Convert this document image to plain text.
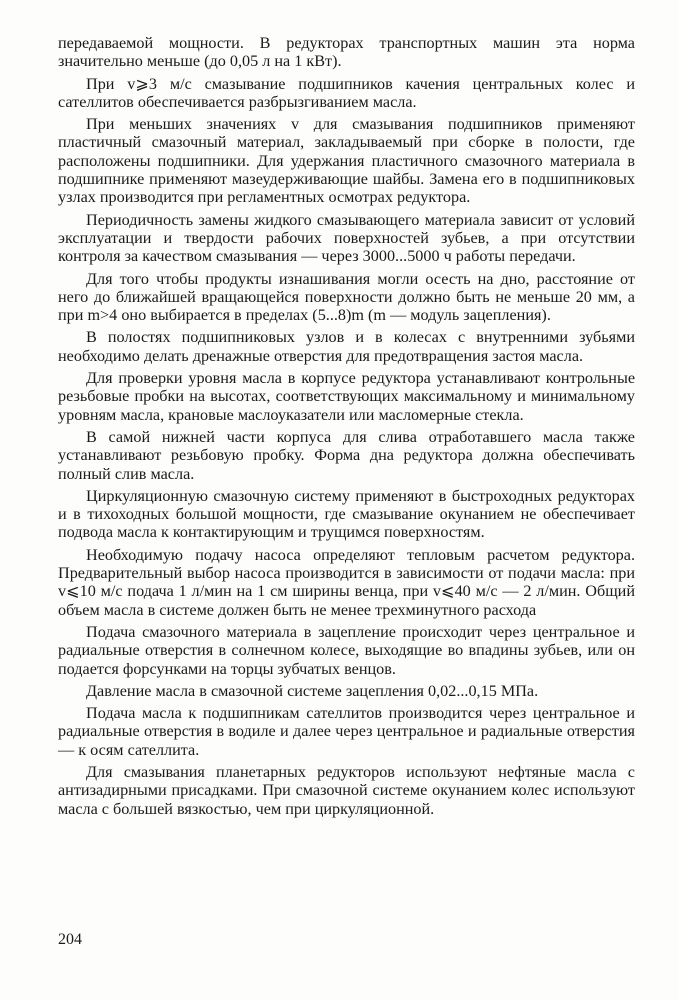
передаваемой мощности. В редукторах транспортных машин эта норма значительно меньше (до 0,05 л на 1 кВт).

При v⩾3 м/с смазывание подшипников качения центральных колес и сателлитов обеспечивается разбрызгиванием масла.

При меньших значениях v для смазывания подшипников применяют пластичный смазочный материал, закладываемый при сборке в полости, где расположены подшипники. Для удержания пластичного смазочного материала в подшипнике применяют мазеудерживающие шайбы. Замена его в подшипниковых узлах производится при регламентных осмотрах редуктора.

Периодичность замены жидкого смазывающего материала зависит от условий эксплуатации и твердости рабочих поверхностей зубьев, а при отсутствии контроля за качеством смазывания — через 3000...5000 ч работы передачи.

Для того чтобы продукты изнашивания могли осесть на дно, расстояние от него до ближайшей вращающейся поверхности должно быть не меньше 20 мм, а при m>4 оно выбирается в пределах (5...8)m (m — модуль зацепления).

В полостях подшипниковых узлов и в колесах с внутренними зубьями необходимо делать дренажные отверстия для предотвращения застоя масла.

Для проверки уровня масла в корпусе редуктора устанавливают контрольные резьбовые пробки на высотах, соответствующих максимальному и минимальному уровням масла, крановые маслоуказатели или масломерные стекла.

В самой нижней части корпуса для слива отработавшего масла также устанавливают резьбовую пробку. Форма дна редуктора должна обеспечивать полный слив масла.

Циркуляционную смазочную систему применяют в быстроходных редукторах и в тихоходных большой мощности, где смазывание окунанием не обеспечивает подвода масла к контактирующим и трущимся поверхностям.

Необходимую подачу насоса определяют тепловым расчетом редуктора. Предварительный выбор насоса производится в зависимости от подачи масла: при v⩽10 м/с подача 1 л/мин на 1 см ширины венца, при v⩽40 м/с — 2 л/мин. Общий объем масла в системе должен быть не менее трехминутного расхода

Подача смазочного материала в зацепление происходит через центральное и радиальные отверстия в солнечном колесе, выходящие во впадины зубьев, или он подается форсунками на торцы зубчатых венцов.

Давление масла в смазочной системе зацепления 0,02...0,15 МПа.

Подача масла к подшипникам сателлитов производится через центральное и радиальные отверстия в водиле и далее через центральное и радиальные отверстия — к осям сателлита.

Для смазывания планетарных редукторов используют нефтяные масла с антизадирными присадками. При смазочной системе окунанием колес используют масла с большей вязкостью, чем при циркуляционной.

204
